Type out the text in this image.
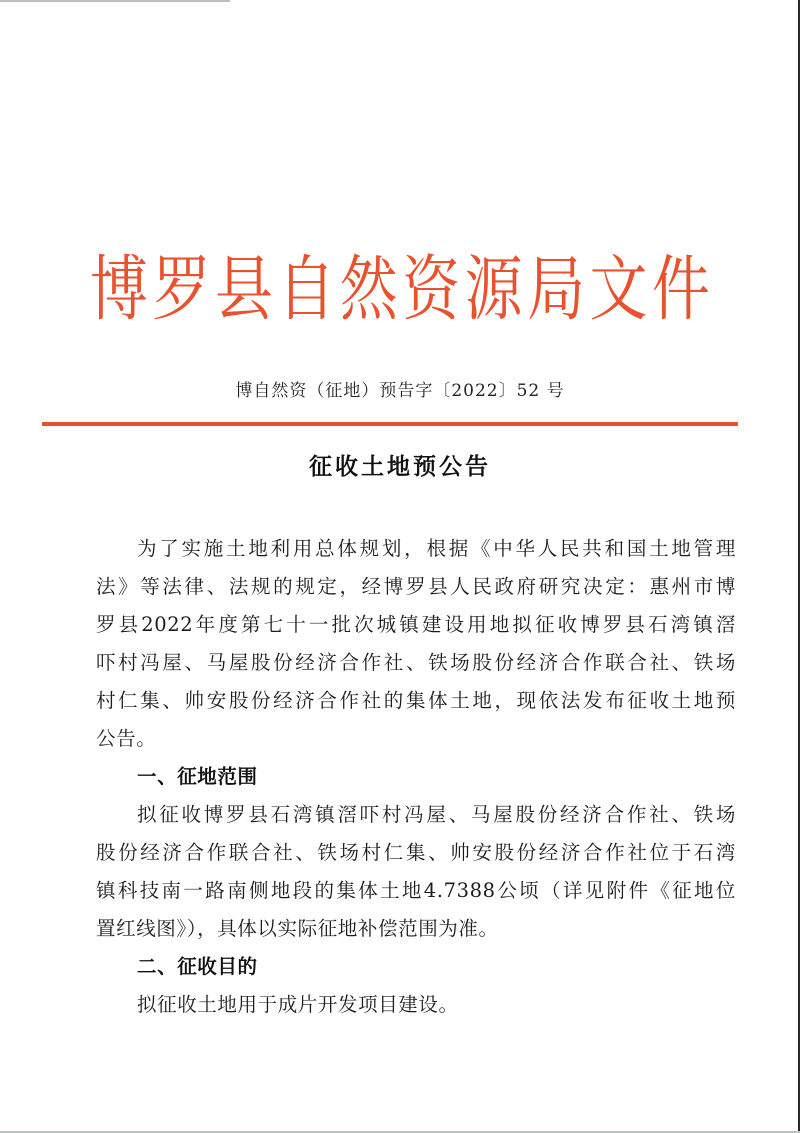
博 罗 县 自 然 资 源 局 文 件
博自然资（征地）预告字〔2022〕52 号
征收土地预公告
为了实施土地利用总体规划，根据《中华人民共和国土地管理
法》等法律、法规的规定，经博罗县人民政府研究决定：惠州市博
罗县2022年度第七十一批次城镇建设用地拟征收博罗县石湾镇滘
吓村冯屋、马屋股份经济合作社、铁场股份经济合作联合社、铁场
村仁集、帅安股份经济合作社的集体土地，现依法发布征收土地预
公告。
一、征地范围
拟征收博罗县石湾镇滘吓村冯屋、马屋股份经济合作社、铁场
股份经济合作联合社、铁场村仁集、帅安股份经济合作社位于石湾
镇科技南一路南侧地段的集体土地4.7388公顷（详见附件《征地位
置红线图》），具体以实际征地补偿范围为准。
二、征收目的
拟征收土地用于成片开发项目建设。
